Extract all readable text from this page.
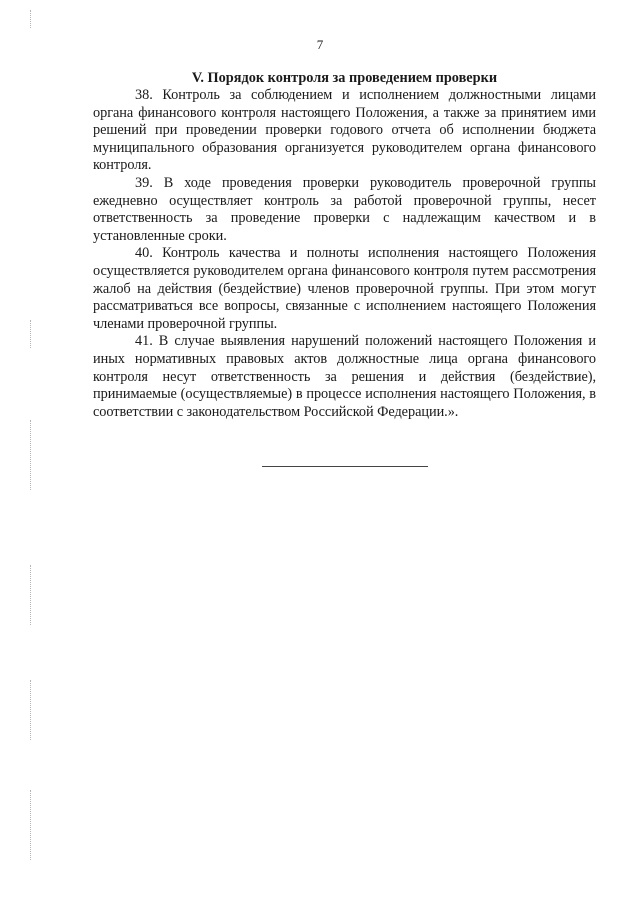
7
V. Порядок контроля за проведением проверки

38. Контроль за соблюдением и исполнением должностными лицами органа финансового контроля настоящего Положения, а также за принятием ими решений при проведении проверки годового отчета об исполнении бюджета муниципального образования организуется руководителем органа финансового контроля.

39. В ходе проведения проверки руководитель проверочной группы ежедневно осуществляет контроль за работой проверочной группы, несет ответственность за проведение проверки с надлежащим качеством и в установленные сроки.

40. Контроль качества и полноты исполнения настоящего Положения осуществляется руководителем органа финансового контроля путем рассмотрения жалоб на действия (бездействие) членов проверочной группы. При этом могут рассматриваться все вопросы, связанные с исполнением настоящего Положения членами проверочной группы.

41. В случае выявления нарушений положений настоящего Положения и иных нормативных правовых актов должностные лица органа финансового контроля несут ответственность за решения и действия (бездействие), принимаемые (осуществляемые) в процессе исполнения настоящего Положения, в соответствии с законодательством Российской Федерации.».
